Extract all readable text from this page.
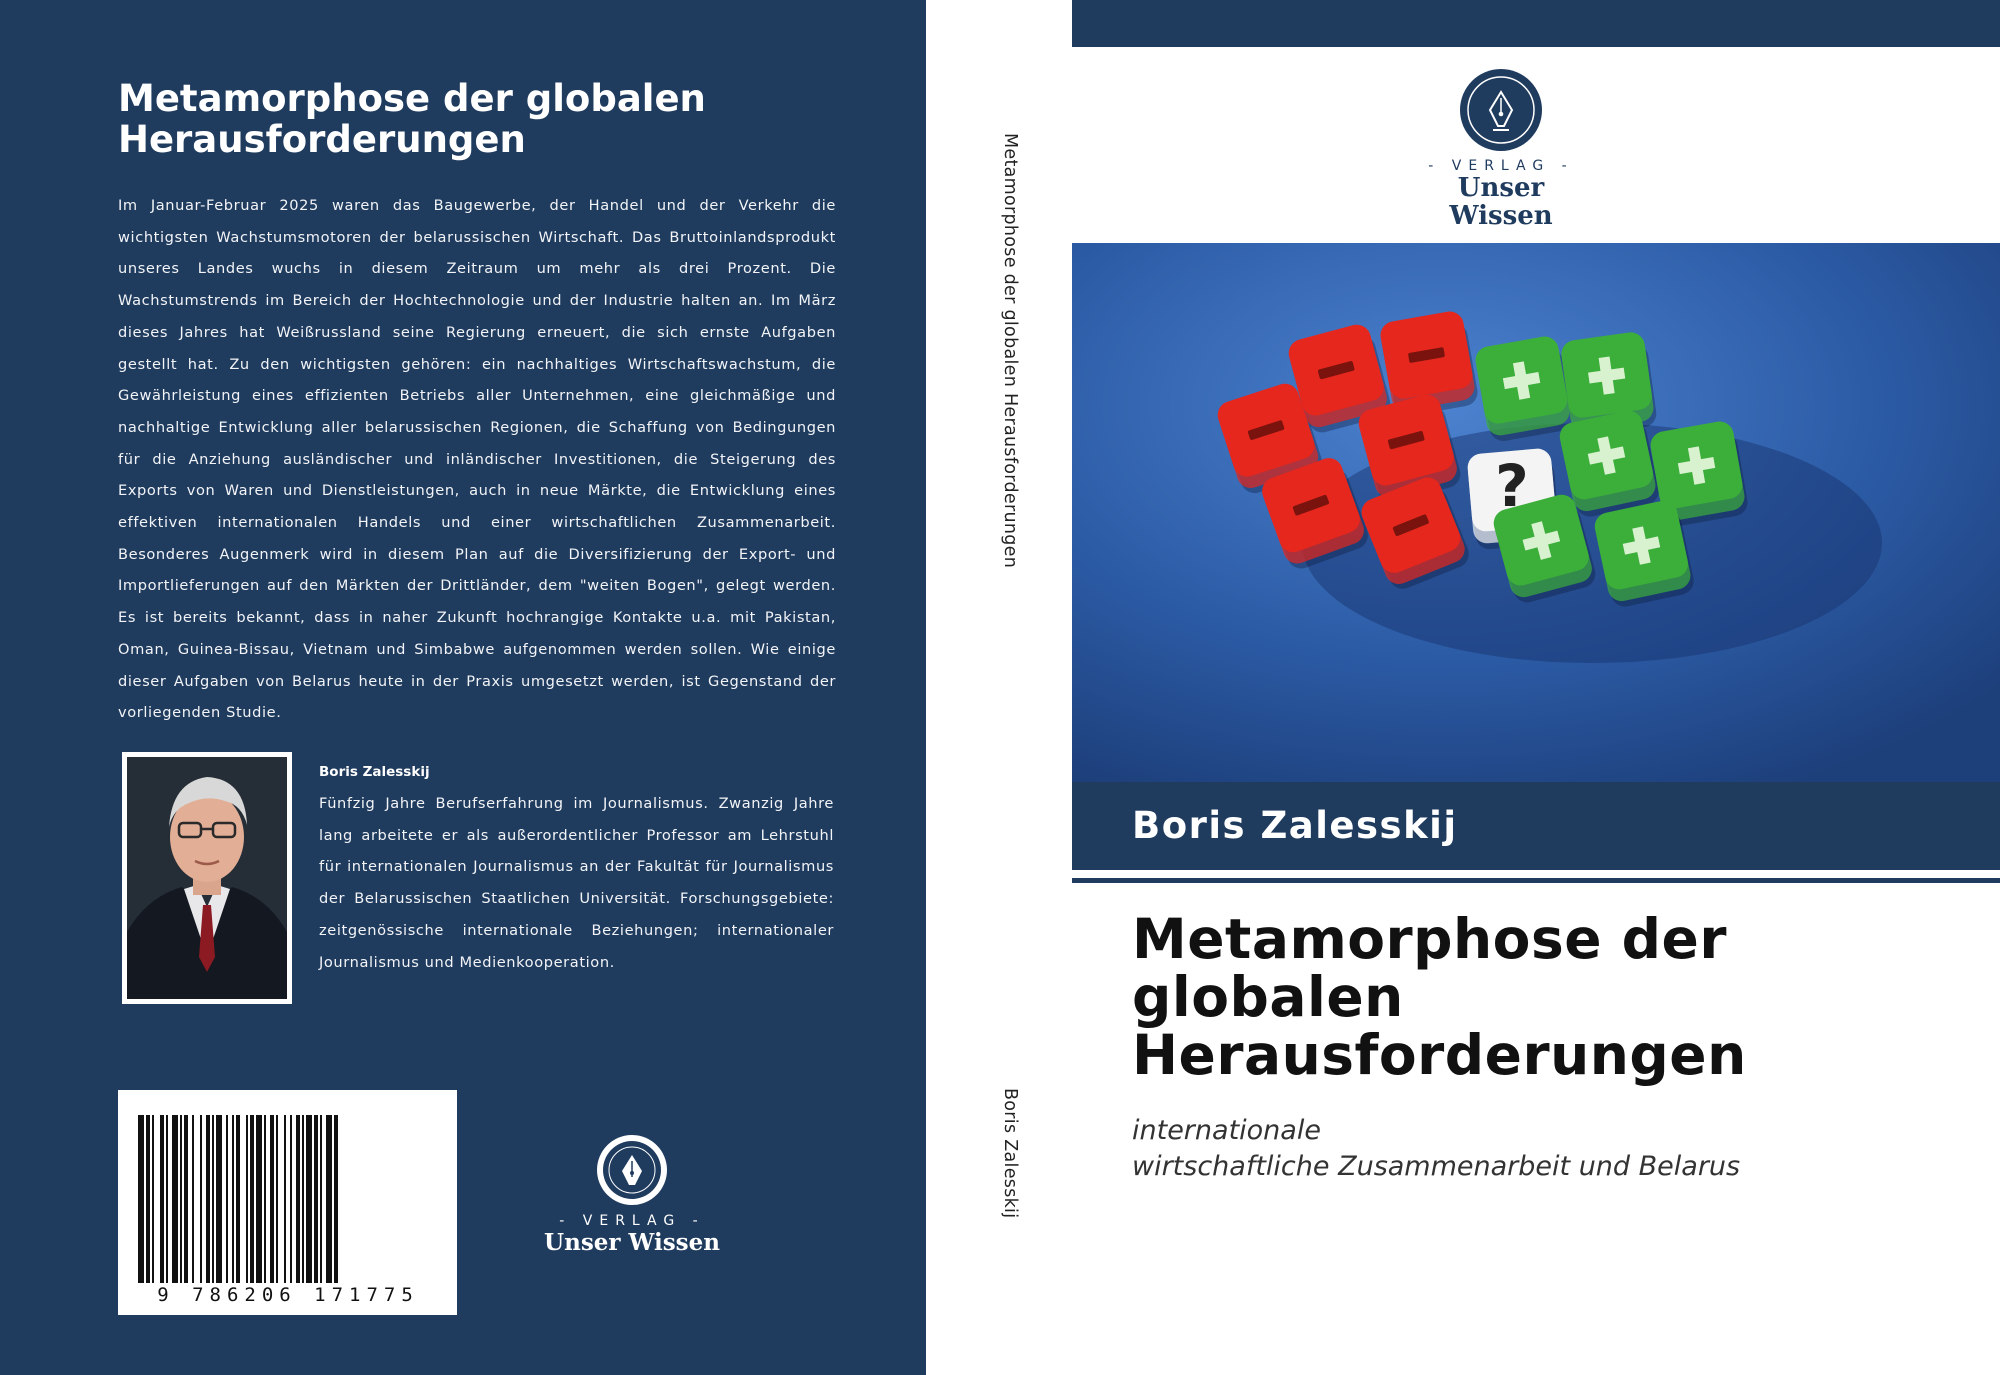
Metamorphose der globalen Herausforderungen

Im Januar-Februar 2025 waren das Baugewerbe, der Handel und der Verkehr die wichtigsten Wachstumsmotoren der belarussischen Wirtschaft. Das Bruttoinlandsprodukt unseres Landes wuchs in diesem Zeitraum um mehr als drei Prozent. Die Wachstumstrends im Bereich der Hochtechnologie und der Industrie halten an. Im März dieses Jahres hat Weißrussland seine Regierung erneuert, die sich ernste Aufgaben gestellt hat. Zu den wichtigsten gehören: ein nachhaltiges Wirtschaftswachstum, die Gewährleistung eines effizienten Betriebs aller Unternehmen, eine gleichmäßige und nachhaltige Entwicklung aller belarussischen Regionen, die Schaffung von Bedingungen für die Anziehung ausländischer und inländischer Investitionen, die Steigerung des Exports von Waren und Dienstleistungen, auch in neue Märkte, die Entwicklung eines effektiven internationalen Handels und einer wirtschaftlichen Zusammenarbeit. Besonderes Augenmerk wird in diesem Plan auf die Diversifizierung der Export- und Importlieferungen auf den Märkten der Drittländer, dem "weiten Bogen", gelegt werden. Es ist bereits bekannt, dass in naher Zukunft hochrangige Kontakte u.a. mit Pakistan, Oman, Guinea-Bissau, Vietnam und Simbabwe aufgenommen werden sollen. Wie einige dieser Aufgaben von Belarus heute in der Praxis umgesetzt werden, ist Gegenstand der vorliegenden Studie.

Boris Zalesskij

Fünfzig Jahre Berufserfahrung im Journalismus. Zwanzig Jahre lang arbeitete er als außerordentlicher Professor am Lehrstuhl für internationalen Journalismus an der Fakultät für Journalismus der Belarussischen Staatlichen Universität. Forschungsgebiete: zeitgenössische internationale Beziehungen; internationaler Journalismus und Medienkooperation.

9 786206 171775
- VERLAG -
Unser Wissen
Metamorphose der globalen Herausforderungen
Boris Zalesskij
- VERLAG -
Unser Wissen
?

Boris Zalesskij

Metamorphose der globalen Herausforderungen

internationale
wirtschaftliche Zusammenarbeit und Belarus
